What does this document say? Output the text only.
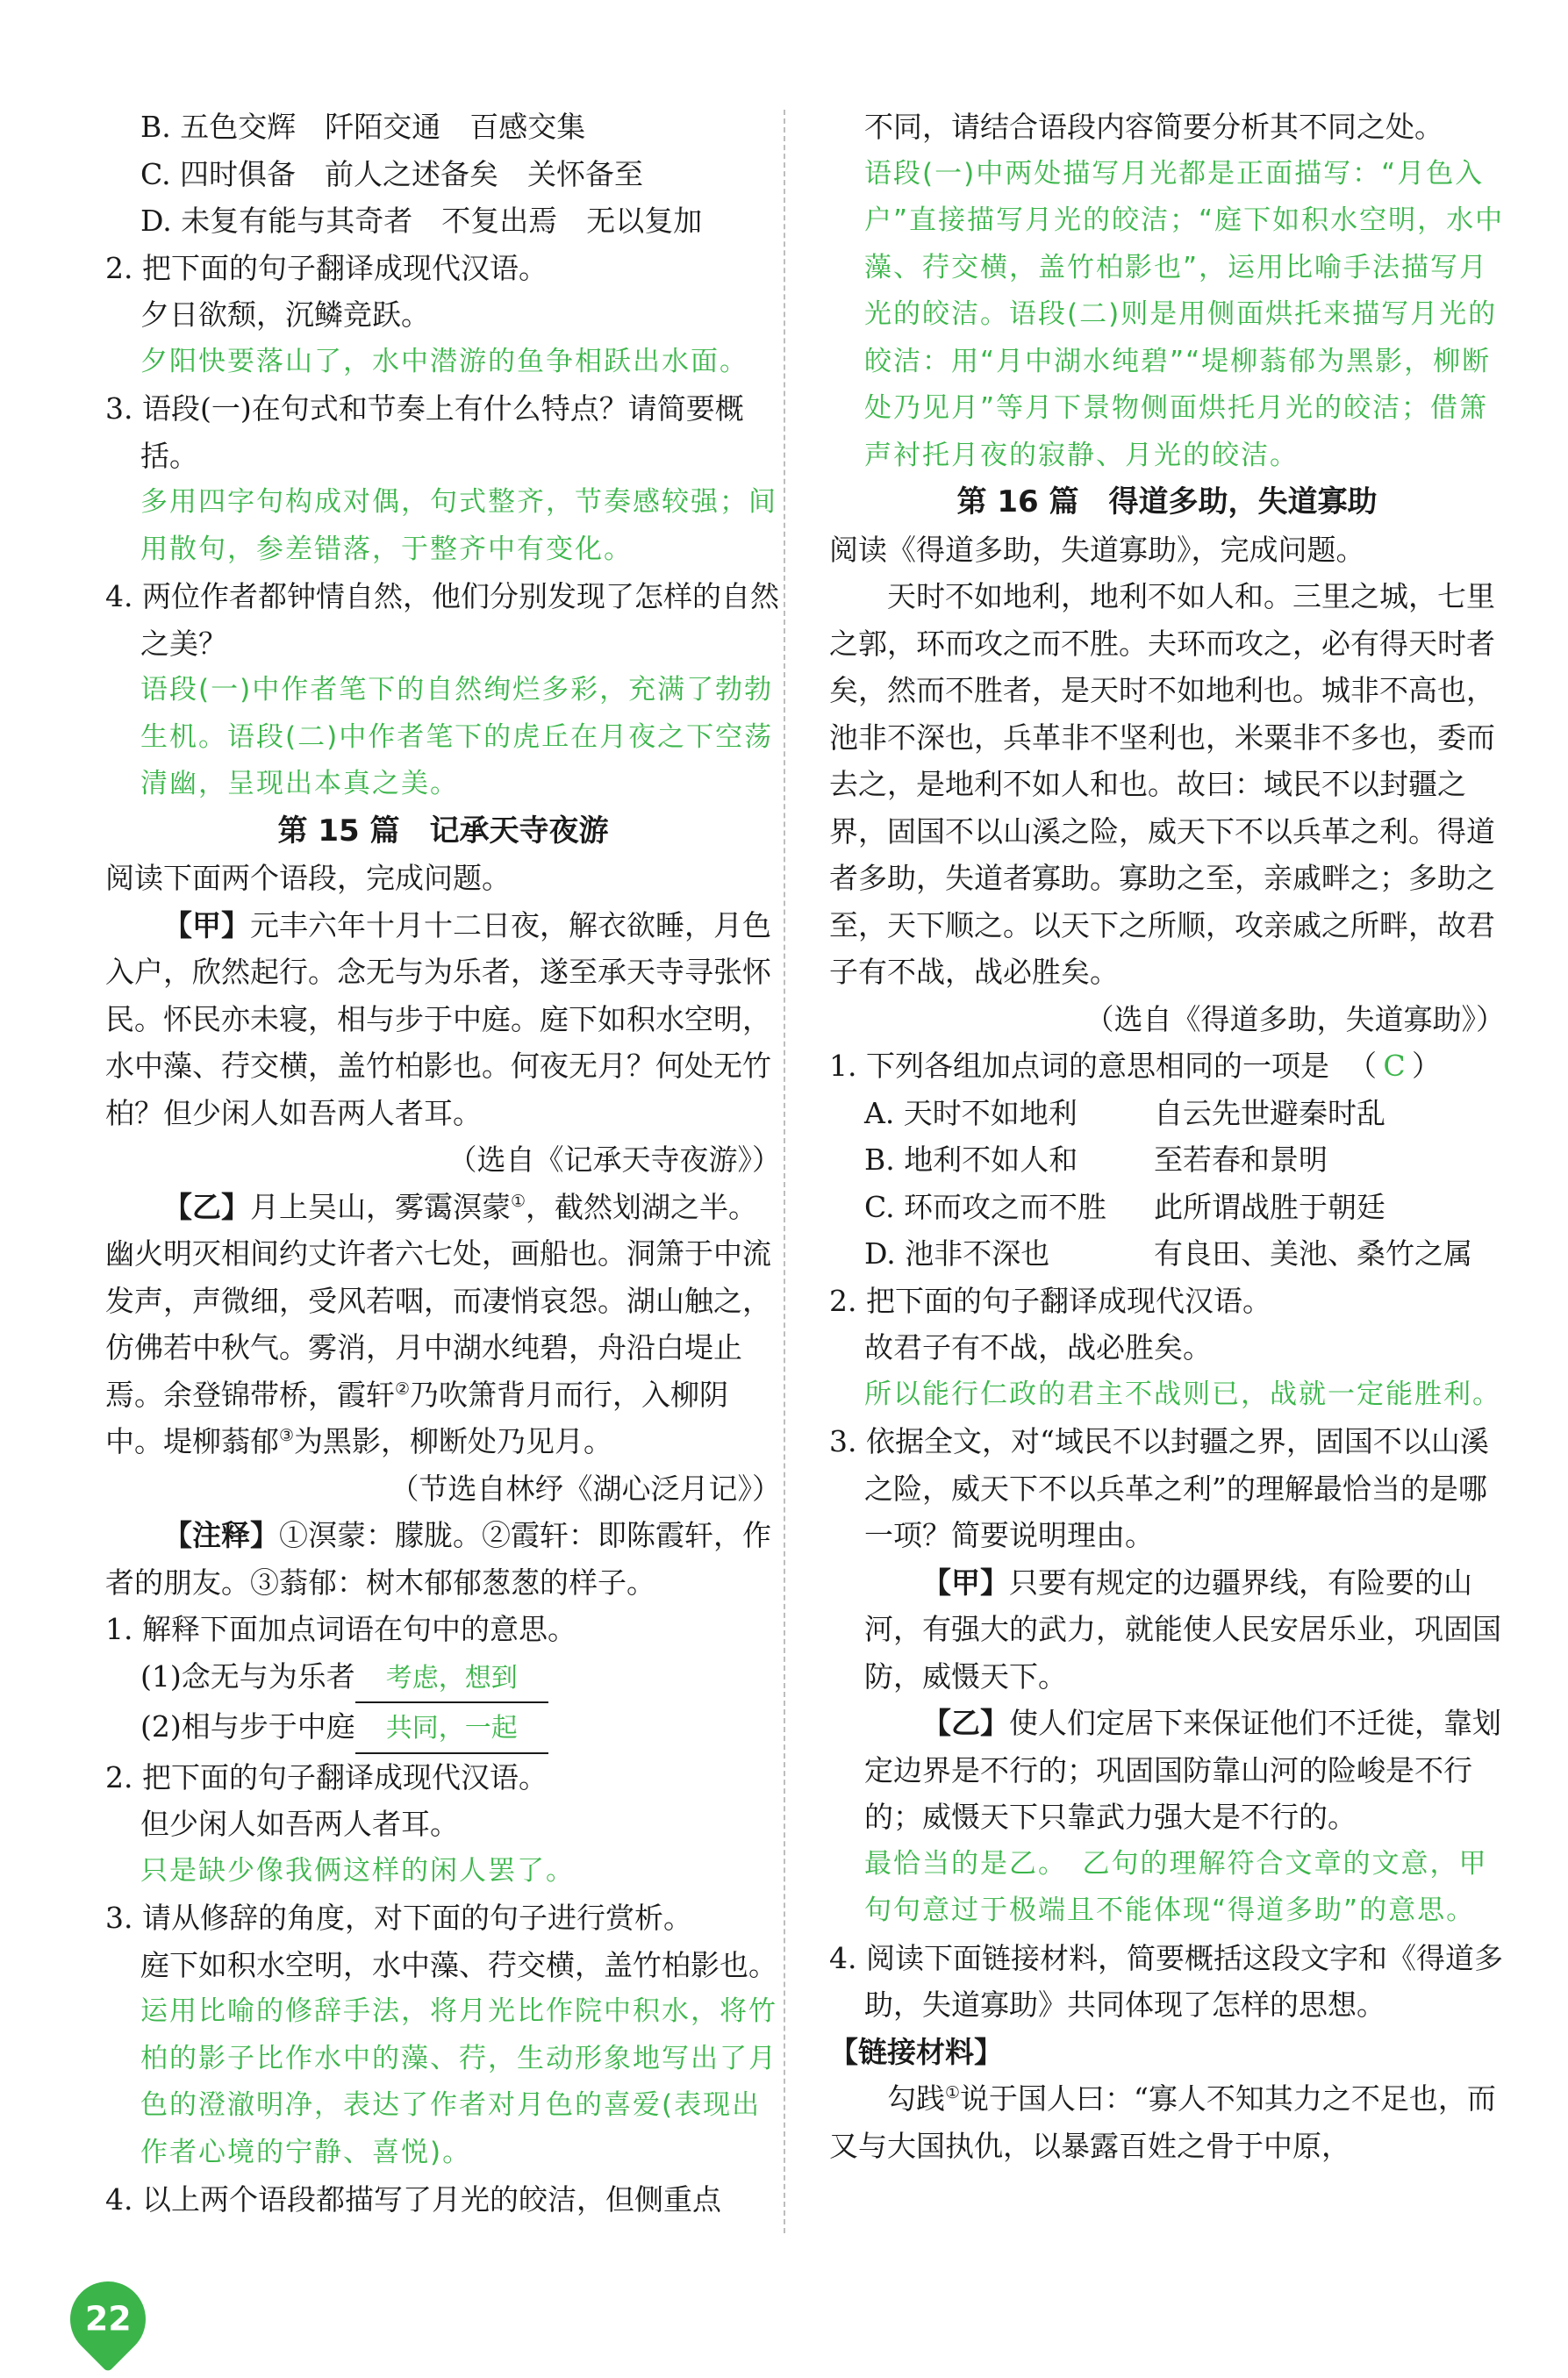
B. 五色交辉　阡陌交通　百感交集

C. 四时俱备　前人之述备矣　关怀备至

D. 未复有能与其奇者　不复出焉　无以复加

2. 把下面的句子翻译成现代汉语。

夕日欲颓，沉鳞竞跃。

夕阳快要落山了，水中潜游的鱼争相跃出水面。

3. 语段(一)在句式和节奏上有什么特点？请简要概括。

多用四字句构成对偶，句式整齐，节奏感较强；间用散句，参差错落，于整齐中有变化。

4. 两位作者都钟情自然，他们分别发现了怎样的自然之美？

语段(一)中作者笔下的自然绚烂多彩，充满了勃勃生机。语段(二)中作者笔下的虎丘在月夜之下空荡清幽，呈现出本真之美。

第 15 篇　记承天寺夜游

阅读下面两个语段，完成问题。

【甲】元丰六年十月十二日夜，解衣欲睡，月色入户，欣然起行。念无与为乐者，遂至承天寺寻张怀民。怀民亦未寝，相与步于中庭。庭下如积水空明，水中藻、荇交横，盖竹柏影也。何夜无月？何处无竹柏？但少闲人如吾两人者耳。

（选自《记承天寺夜游》）

【乙】月上吴山，雾霭溟蒙①，截然划湖之半。幽火明灭相间约丈许者六七处，画船也。洞箫于中流发声，声微细，受风若咽，而凄悄哀怨。湖山触之，仿佛若中秋气。雾消，月中湖水纯碧，舟沿白堤止焉。余登锦带桥，霞轩②乃吹箫背月而行，入柳阴中。堤柳蓊郁③为黑影，柳断处乃见月。

（节选自林纾《湖心泛月记》）

【注释】①溟蒙：朦胧。②霞轩：即陈霞轩，作者的朋友。③蓊郁：树木郁郁葱葱的样子。

1. 解释下面加点词语在句中的意思。

(1)念无与为乐者 考虑，想到

(2)相与步于中庭 共同，一起

2. 把下面的句子翻译成现代汉语。

但少闲人如吾两人者耳。

只是缺少像我俩这样的闲人罢了。

3. 请从修辞的角度，对下面的句子进行赏析。

庭下如积水空明，水中藻、荇交横，盖竹柏影也。

运用比喻的修辞手法，将月光比作院中积水，将竹柏的影子比作水中的藻、荇，生动形象地写出了月色的澄澈明净，表达了作者对月色的喜爱(表现出作者心境的宁静、喜悦)。

4. 以上两个语段都描写了月光的皎洁，但侧重点

不同，请结合语段内容简要分析其不同之处。

语段(一)中两处描写月光都是正面描写：“月色入户”直接描写月光的皎洁；“庭下如积水空明，水中藻、荇交横，盖竹柏影也”，运用比喻手法描写月光的皎洁。语段(二)则是用侧面烘托来描写月光的皎洁：用“月中湖水纯碧”“堤柳蓊郁为黑影，柳断处乃见月”等月下景物侧面烘托月光的皎洁；借箫声衬托月夜的寂静、月光的皎洁。

第 16 篇　得道多助，失道寡助

阅读《得道多助，失道寡助》，完成问题。

天时不如地利，地利不如人和。三里之城，七里之郭，环而攻之而不胜。夫环而攻之，必有得天时者矣，然而不胜者，是天时不如地利也。城非不高也，池非不深也，兵革非不坚利也，米粟非不多也，委而去之，是地利不如人和也。故曰：域民不以封疆之界，固国不以山溪之险，威天下不以兵革之利。得道者多助，失道者寡助。寡助之至，亲戚畔之；多助之至，天下顺之。以天下之所顺，攻亲戚之所畔，故君子有不战，战必胜矣。

（选自《得道多助，失道寡助》）

1. 下列各组加点词的意思相同的一项是 （ C ）

A. 天时不如地利	自云先世避秦时乱
B. 地利不如人和	至若春和景明
C. 环而攻之而不胜	此所谓战胜于朝廷
D. 池非不深也	有良田、美池、桑竹之属

2. 把下面的句子翻译成现代汉语。

故君子有不战，战必胜矣。

所以能行仁政的君主不战则已，战就一定能胜利。

3. 依据全文，对“域民不以封疆之界，固国不以山溪之险，威天下不以兵革之利”的理解最恰当的是哪一项？简要说明理由。

【甲】只要有规定的边疆界线，有险要的山河，有强大的武力，就能使人民安居乐业，巩固国防，威慑天下。

【乙】使人们定居下来保证他们不迁徙，靠划定边界是不行的；巩固国防靠山河的险峻是不行的；威慑天下只靠武力强大是不行的。

最恰当的是乙。　乙句的理解符合文章的文意，甲句句意过于极端且不能体现“得道多助”的意思。

4. 阅读下面链接材料，简要概括这段文字和《得道多助，失道寡助》共同体现了怎样的思想。

【链接材料】

勾践①说于国人曰：“寡人不知其力之不足也，而又与大国执仇，以暴露百姓之骨于中原，

22
